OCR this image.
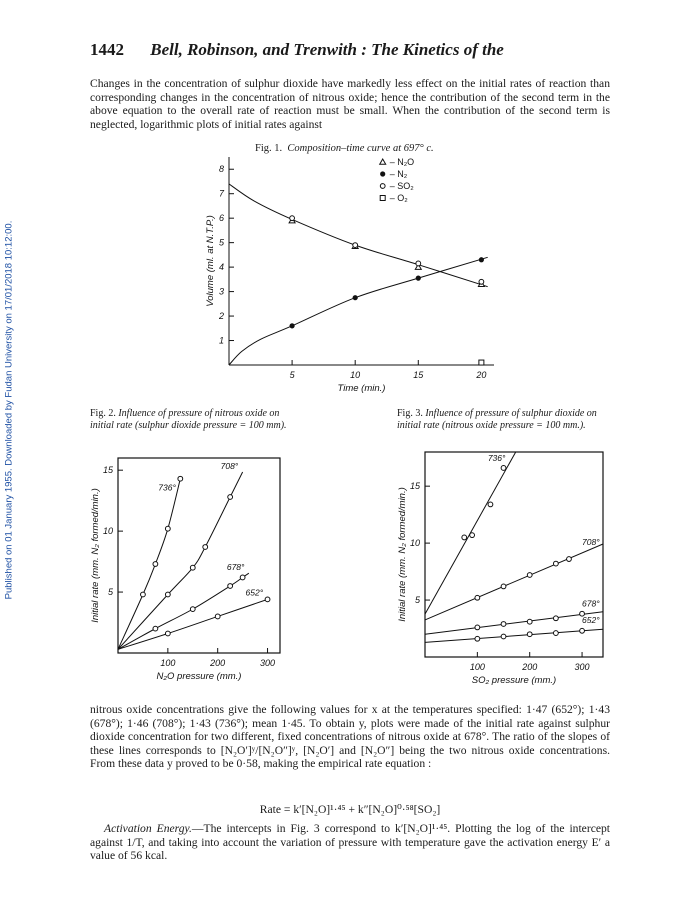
Published on 01 January 1955. Downloaded by Fudan University on 17/01/2018 10:12:00.
1442 Bell, Robinson, and Trenwith : The Kinetics of the

Changes in the concentration of sulphur dioxide have markedly less effect on the initial rates of reaction than corresponding changes in the concentration of nitrous oxide; hence the contribution of the second term in the above equation to the overall rate of reaction must be small. When the contribution of the second term is neglected, logarithmic plots of initial rates against

Fig. 1. Composition–time curve at 697° c.
Fig. 2. Influence of pressure of nitrous oxide on initial rate (sulphur dioxide pressure = 100 mm).
Fig. 3. Influence of pressure of sulphur dioxide on initial rate (nitrous oxide pressure = 100 mm.).
5	10	15	20
1
2
3
4
5
6
7
8
Time (min.)
Volume (ml. at N.T.P.)
– N₂O
– N₂
– SO₂
– O₂
100	200	300
5
10
15
N₂O pressure (mm.)
Initial rate (mm. N₂ formed/min.)
736°
708°
678°
652°
100	200	300
5
10
15
SO₂ pressure (mm.)
Initial rate (mm. N₂ formed/min.)
736°
708°
678°
652°

nitrous oxide concentrations give the following values for x at the temperatures specified: 1·47 (652°); 1·43 (678°); 1·46 (708°); 1·43 (736°); mean 1·45. To obtain y, plots were made of the initial rate against sulphur dioxide concentration for two different, fixed concentrations of nitrous oxide at 678°. The ratio of the slopes of these lines corresponds to [N₂O′]ʸ/[N₂O″]ʸ, [N₂O′] and [N₂O″] being the two nitrous oxide concentrations. From these data y proved to be 0·58, making the empirical rate equation :

Rate = k′[N₂O]¹·⁴⁵ + k″[N₂O]⁰·⁵⁸[SO₂]

Activation Energy.—The intercepts in Fig. 3 correspond to k′[N₂O]¹·⁴⁵. Plotting the log of the intercept against 1/T, and taking into account the variation of pressure with temperature gave the activation energy E′ a value of 56 kcal.
